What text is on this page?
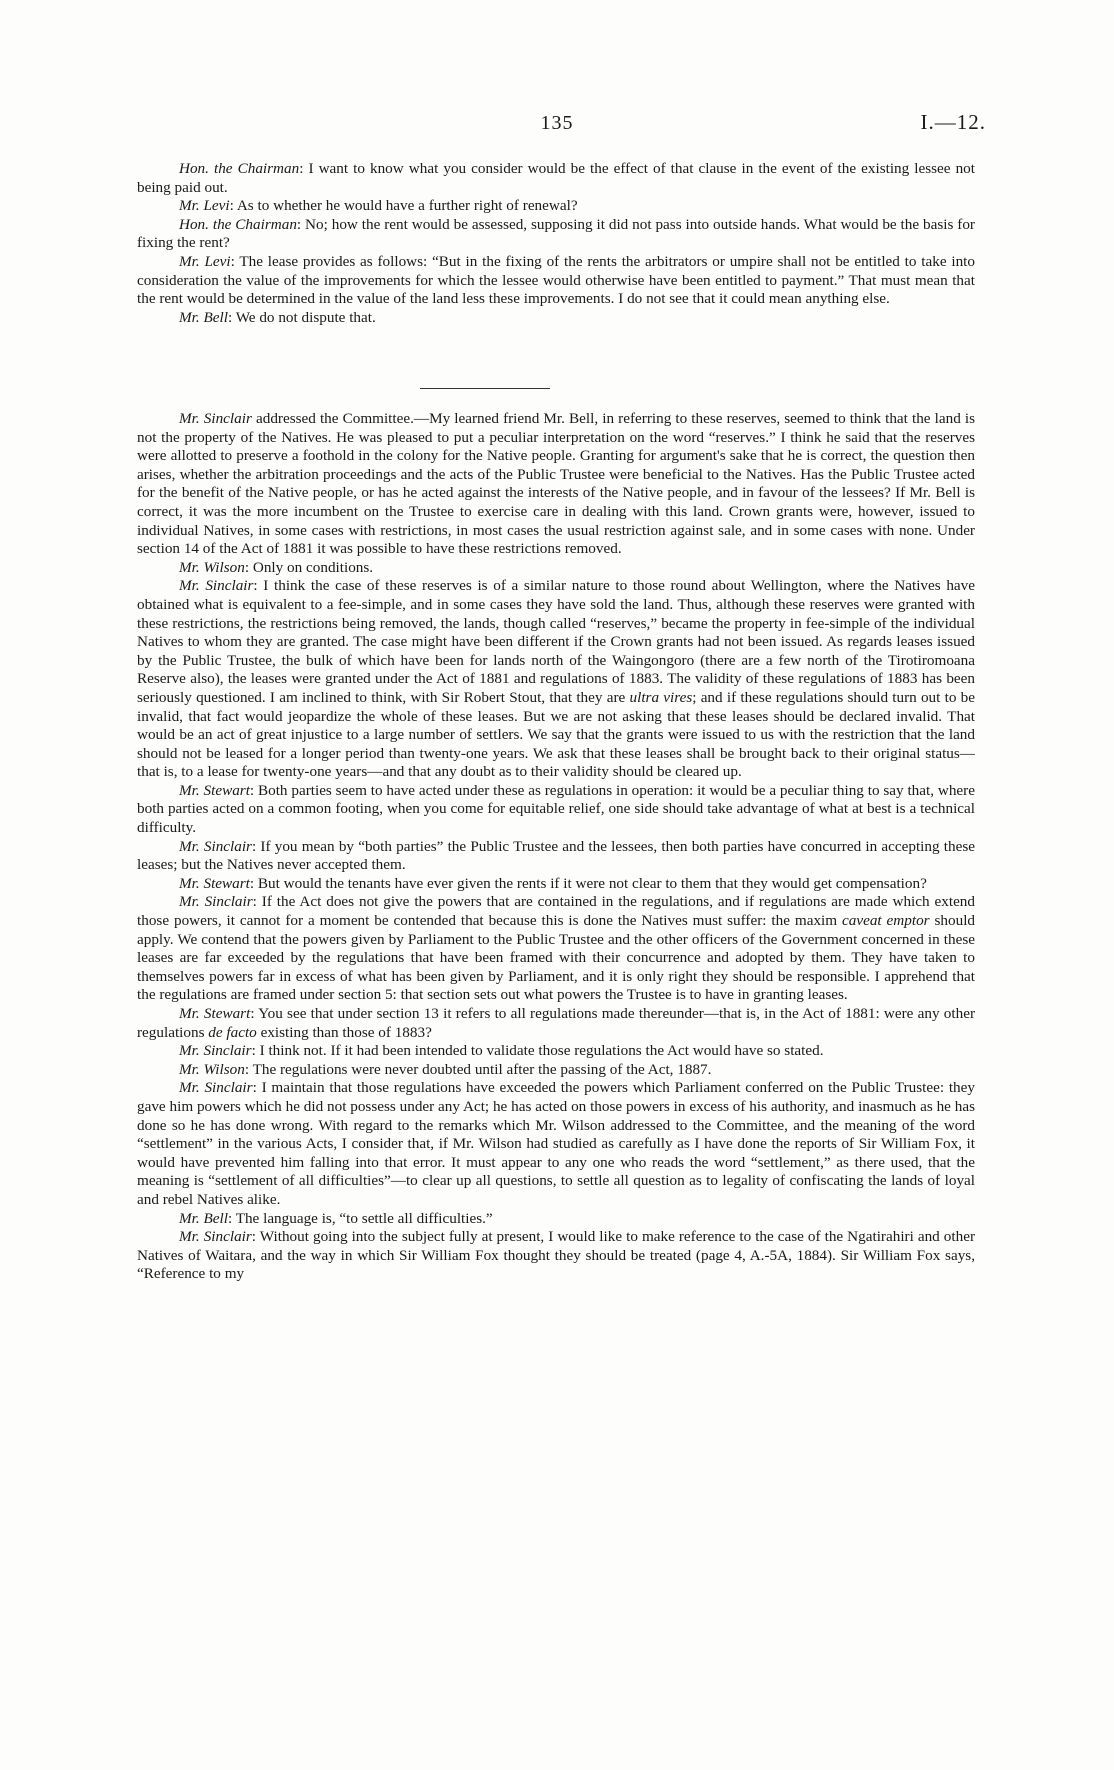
135	I.—12.

Hon. the Chairman: I want to know what you consider would be the effect of that clause in the event of the existing lessee not being paid out.

Mr. Levi: As to whether he would have a further right of renewal?

Hon. the Chairman: No; how the rent would be assessed, supposing it did not pass into outside hands. What would be the basis for fixing the rent?

Mr. Levi: The lease provides as follows: “But in the fixing of the rents the arbitrators or umpire shall not be entitled to take into consideration the value of the improvements for which the lessee would otherwise have been entitled to payment.” That must mean that the rent would be determined in the value of the land less these improvements. I do not see that it could mean anything else.

Mr. Bell: We do not dispute that.

Mr. Sinclair addressed the Committee.—My learned friend Mr. Bell, in referring to these reserves, seemed to think that the land is not the property of the Natives. He was pleased to put a peculiar interpretation on the word “reserves.” I think he said that the reserves were allotted to preserve a foothold in the colony for the Native people. Granting for argument's sake that he is correct, the question then arises, whether the arbitration proceedings and the acts of the Public Trustee were beneficial to the Natives. Has the Public Trustee acted for the benefit of the Native people, or has he acted against the interests of the Native people, and in favour of the lessees? If Mr. Bell is correct, it was the more incumbent on the Trustee to exercise care in dealing with this land. Crown grants were, however, issued to individual Natives, in some cases with restrictions, in most cases the usual restriction against sale, and in some cases with none. Under section 14 of the Act of 1881 it was possible to have these restrictions removed.

Mr. Wilson: Only on conditions.

Mr. Sinclair: I think the case of these reserves is of a similar nature to those round about Wellington, where the Natives have obtained what is equivalent to a fee-simple, and in some cases they have sold the land. Thus, although these reserves were granted with these restrictions, the restrictions being removed, the lands, though called “reserves,” became the property in fee-simple of the individual Natives to whom they are granted. The case might have been different if the Crown grants had not been issued. As regards leases issued by the Public Trustee, the bulk of which have been for lands north of the Waingongoro (there are a few north of the Tirotiromoana Reserve also), the leases were granted under the Act of 1881 and regulations of 1883. The validity of these regulations of 1883 has been seriously questioned. I am inclined to think, with Sir Robert Stout, that they are ultra vires; and if these regulations should turn out to be invalid, that fact would jeopardize the whole of these leases. But we are not asking that these leases should be declared invalid. That would be an act of great injustice to a large number of settlers. We say that the grants were issued to us with the restriction that the land should not be leased for a longer period than twenty-one years. We ask that these leases shall be brought back to their original status—that is, to a lease for twenty-one years—and that any doubt as to their validity should be cleared up.

Mr. Stewart: Both parties seem to have acted under these as regulations in operation: it would be a peculiar thing to say that, where both parties acted on a common footing, when you come for equitable relief, one side should take advantage of what at best is a technical difficulty.

Mr. Sinclair: If you mean by “both parties” the Public Trustee and the lessees, then both parties have concurred in accepting these leases; but the Natives never accepted them.

Mr. Stewart: But would the tenants have ever given the rents if it were not clear to them that they would get compensation?

Mr. Sinclair: If the Act does not give the powers that are contained in the regulations, and if regulations are made which extend those powers, it cannot for a moment be contended that because this is done the Natives must suffer: the maxim caveat emptor should apply. We contend that the powers given by Parliament to the Public Trustee and the other officers of the Government concerned in these leases are far exceeded by the regulations that have been framed with their concurrence and adopted by them. They have taken to themselves powers far in excess of what has been given by Parliament, and it is only right they should be responsible. I apprehend that the regulations are framed under section 5: that section sets out what powers the Trustee is to have in granting leases.

Mr. Stewart: You see that under section 13 it refers to all regulations made thereunder—that is, in the Act of 1881: were any other regulations de facto existing than those of 1883?

Mr. Sinclair: I think not. If it had been intended to validate those regulations the Act would have so stated.

Mr. Wilson: The regulations were never doubted until after the passing of the Act, 1887.

Mr. Sinclair: I maintain that those regulations have exceeded the powers which Parliament conferred on the Public Trustee: they gave him powers which he did not possess under any Act; he has acted on those powers in excess of his authority, and inasmuch as he has done so he has done wrong. With regard to the remarks which Mr. Wilson addressed to the Committee, and the meaning of the word “settlement” in the various Acts, I consider that, if Mr. Wilson had studied as carefully as I have done the reports of Sir William Fox, it would have prevented him falling into that error. It must appear to any one who reads the word “settlement,” as there used, that the meaning is “settlement of all difficulties”—to clear up all questions, to settle all question as to legality of confiscating the lands of loyal and rebel Natives alike.

Mr. Bell: The language is, “to settle all difficulties.”

Mr. Sinclair: Without going into the subject fully at present, I would like to make reference to the case of the Ngatirahiri and other Natives of Waitara, and the way in which Sir William Fox thought they should be treated (page 4, A.-5A, 1884). Sir William Fox says, “Reference to my
